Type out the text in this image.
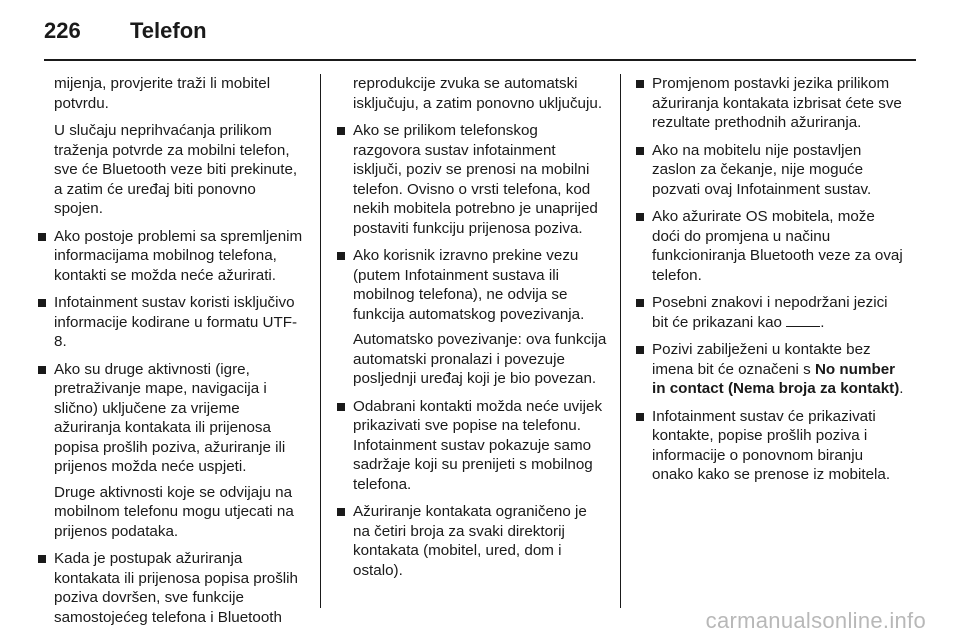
226 Telefon

mijenja, provjerite traži li mobitel potvrdu.

U slučaju neprihvaćanja prilikom traženja potvrde za mobilni telefon, sve će Bluetooth veze biti prekinute, a zatim će uređaj biti ponovno spojen.

Ako postoje problemi sa spremljenim informacijama mobilnog telefona, kontakti se možda neće ažurirati.
Infotainment sustav koristi isključivo informacije kodirane u formatu UTF-8.
Ako su druge aktivnosti (igre, pretraživanje mape, navigacija i slično) uključene za vrijeme ažuriranja kontakata ili prijenosa popisa prošlih poziva, ažuriranje ili prijenos možda neće uspjeti.

Druge aktivnosti koje se odvijaju na mobilnom telefonu mogu utjecati na prijenos podataka.

Kada je postupak ažuriranja kontakata ili prijenosa popisa prošlih poziva dovršen, sve funkcije samostojećeg telefona i Bluetooth

reprodukcije zvuka se automatski isključuju, a zatim ponovno uključuju.

Ako se prilikom telefonskog razgovora sustav infotainment isključi, poziv se prenosi na mobilni telefon. Ovisno o vrsti telefona, kod nekih mobitela potrebno je unaprijed postaviti funkciju prijenosa poziva.
Ako korisnik izravno prekine vezu (putem Infotainment sustava ili mobilnog telefona), ne odvija se funkcija automatskog povezivanja.

Automatsko povezivanje: ova funkcija automatski pronalazi i povezuje posljednji uređaj koji je bio povezan.

Odabrani kontakti možda neće uvijek prikazivati sve popise na telefonu. Infotainment sustav pokazuje samo sadržaje koji su prenijeti s mobilnog telefona.
Ažuriranje kontakata ograničeno je na četiri broja za svaki direktorij kontakata (mobitel, ured, dom i ostalo).
Promjenom postavki jezika prilikom ažuriranja kontakata izbrisat ćete sve rezultate prethodnih ažuriranja.
Ako na mobitelu nije postavljen zaslon za čekanje, nije moguće pozvati ovaj Infotainment sustav.
Ako ažurirate OS mobitela, može doći do promjena u načinu funkcioniranja Bluetooth veze za ovaj telefon.
Posebni znakovi i nepodržani jezici bit će prikazani kao .
Pozivi zabilježeni u kontakte bez imena bit će označeni s No number in contact (Nema broja za kontakt).
Infotainment sustav će prikazivati kontakte, popise prošlih poziva i informacije o ponovnom biranju onako kako se prenose iz mobitela.
carmanualsonline.info
